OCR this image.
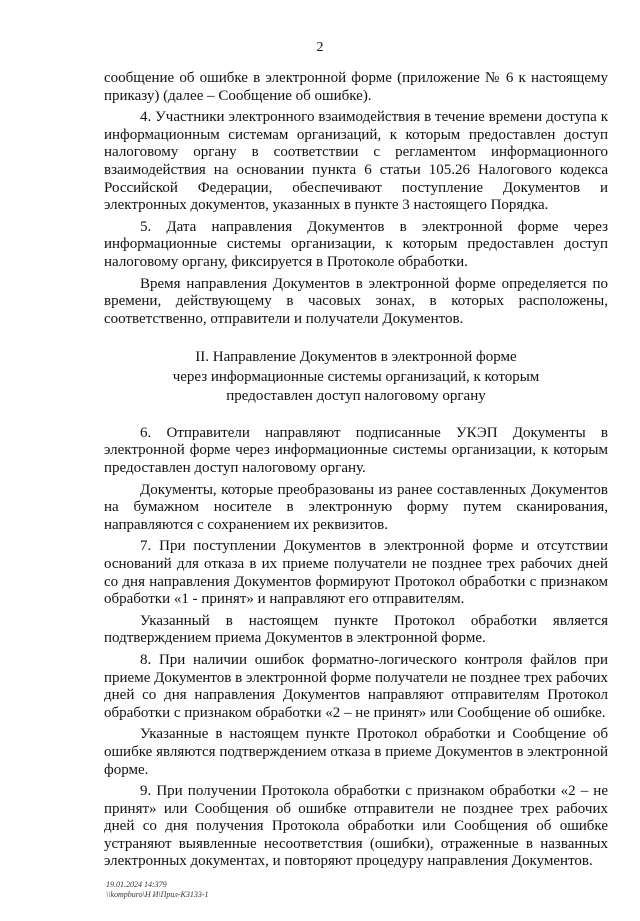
2

сообщение об ошибке в электронной форме (приложение № 6 к настоящему приказу) (далее – Сообщение об ошибке).

4. Участники электронного взаимодействия в течение времени доступа к информационным системам организаций, к которым предоставлен доступ налоговому органу в соответствии с регламентом информационного взаимодействия на основании пункта 6 статьи 105.26 Налогового кодекса Российской Федерации, обеспечивают поступление Документов и электронных документов, указанных в пункте 3 настоящего Порядка.

5. Дата направления Документов в электронной форме через информационные системы организации, к которым предоставлен доступ налоговому органу, фиксируется в Протоколе обработки.

Время направления Документов в электронной форме определяется по времени, действующему в часовых зонах, в которых расположены, соответственно, отправители и получатели Документов.

II. Направление Документов в электронной форме
через информационные системы организаций, к которым
предоставлен доступ налоговому органу

6. Отправители направляют подписанные УКЭП Документы в электронной форме через информационные системы организации, к которым предоставлен доступ налоговому органу.

Документы, которые преобразованы из ранее составленных Документов на бумажном носителе в электронную форму путем сканирования, направляются с сохранением их реквизитов.

7. При поступлении Документов в электронной форме и отсутствии оснований для отказа в их приеме получатели не позднее трех рабочих дней со дня направления Документов формируют Протокол обработки с признаком обработки «1 - принят» и направляют его отправителям.

Указанный в настоящем пункте Протокол обработки является подтверждением приема Документов в электронной форме.

8. При наличии ошибок форматно-логического контроля файлов при приеме Документов в электронной форме получатели не позднее трех рабочих дней со дня направления Документов направляют отправителям Протокол обработки с признаком обработки «2 – не принят» или Сообщение об ошибке.

Указанные в настоящем пункте Протокол обработки и Сообщение об ошибке являются подтверждением отказа в приеме Документов в электронной форме.

9. При получении Протокола обработки с признаком обработки «2 – не принят» или Сообщения об ошибке отправители не позднее трех рабочих дней со дня получения Протокола обработки или Сообщения об ошибке устраняют выявленные несоответствия (ошибки), отраженные в названных электронных документах, и повторяют процедуру направления Документов.

19.01.2024 14:379
\\kompburo\Н И\Прил-К3133-1
